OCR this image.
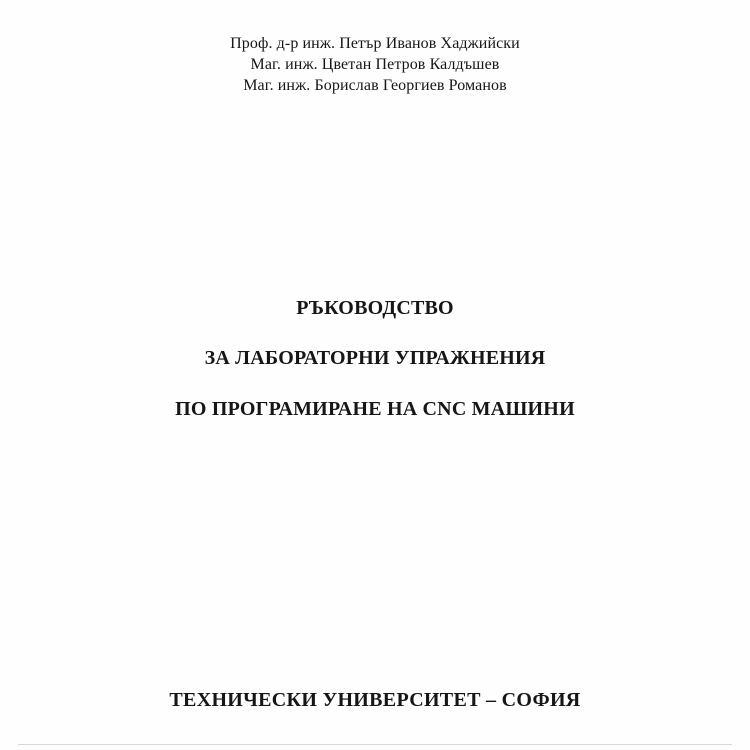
Проф. д-р инж. Петър Иванов Хаджийски
Маг. инж. Цветан Петров Калдъшев
Маг. инж. Борислав Георгиев Романов
РЪКОВОДСТВО
ЗА ЛАБОРАТОРНИ УПРАЖНЕНИЯ
ПО ПРОГРАМИРАНЕ НА CNC МАШИНИ
ТЕХНИЧЕСКИ УНИВЕРСИТЕТ – СОФИЯ
